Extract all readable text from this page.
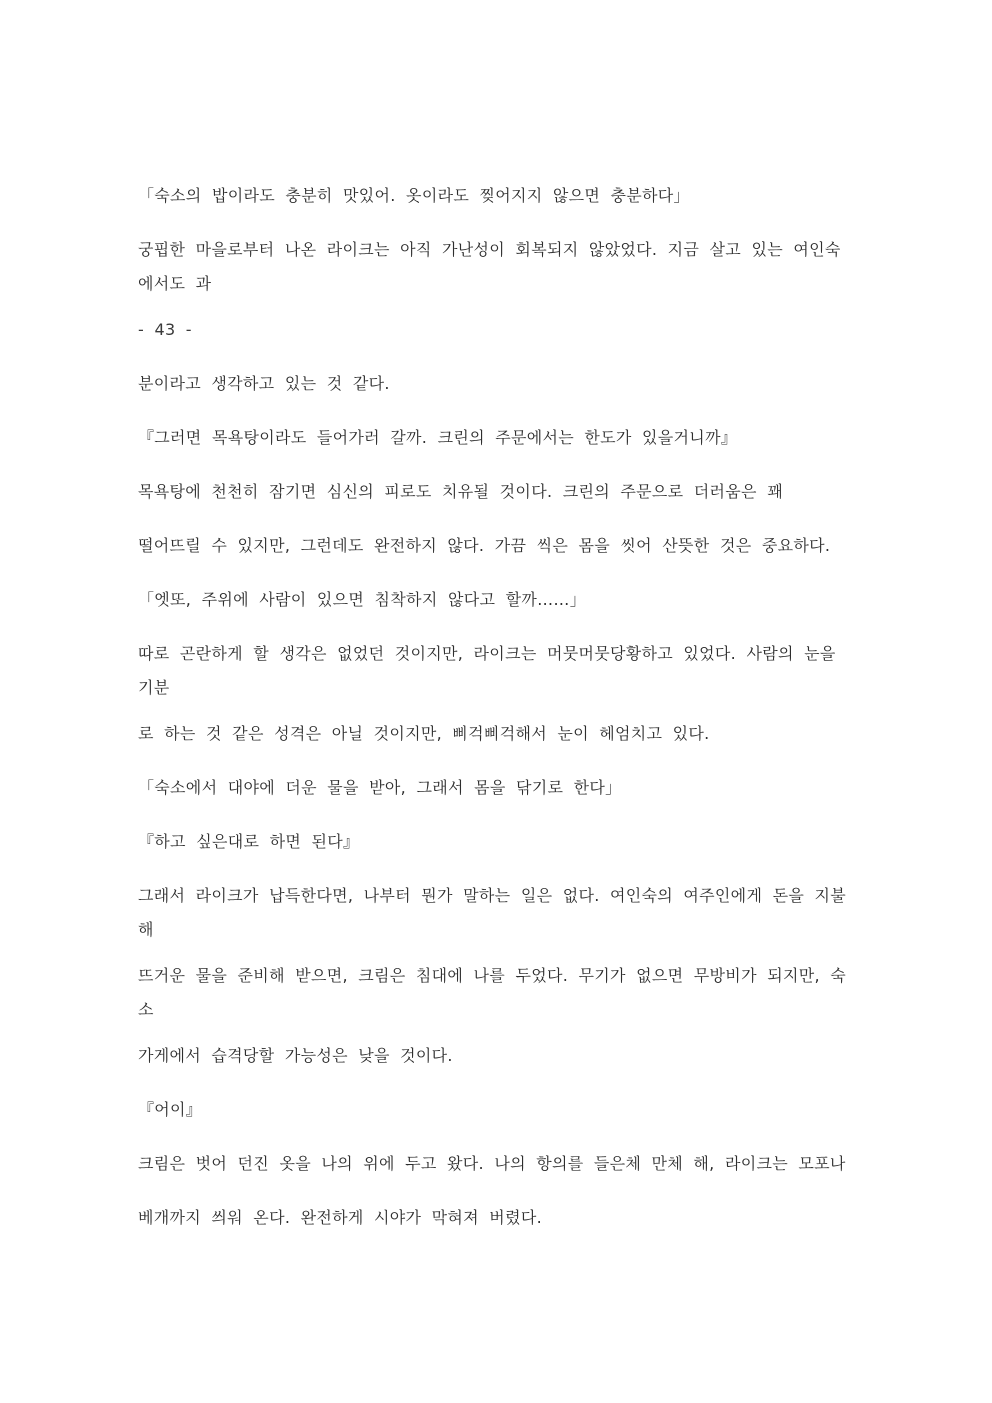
「숙소의 밥이라도 충분히 맛있어. 옷이라도 찢어지지 않으면 충분하다」
궁핍한 마을로부터 나온 라이크는 아직 가난성이 회복되지 않았었다. 지금 살고 있는 여인숙
에서도 과
- 43 -
분이라고 생각하고 있는 것 같다.
『그러면 목욕탕이라도 들어가러 갈까. 크린의 주문에서는 한도가 있을거니까』
목욕탕에 천천히 잠기면 심신의 피로도 치유될 것이다. 크린의 주문으로 더러움은 꽤
떨어뜨릴 수 있지만, 그런데도 완전하지 않다. 가끔 씩은 몸을 씻어 산뜻한 것은 중요하다.
「엣또, 주위에 사람이 있으면 침착하지 않다고 할까……」
따로 곤란하게 할 생각은 없었던 것이지만, 라이크는 머뭇머뭇당황하고 있었다. 사람의 눈을
기분
로 하는 것 같은 성격은 아닐 것이지만, 삐걱삐걱해서 눈이 헤엄치고 있다.
「숙소에서 대야에 더운 물을 받아, 그래서 몸을 닦기로 한다」
『하고 싶은대로 하면 된다』
그래서 라이크가 납득한다면, 나부터 뭔가 말하는 일은 없다. 여인숙의 여주인에게 돈을 지불
해
뜨거운 물을 준비해 받으면, 크림은 침대에 나를 두었다. 무기가 없으면 무방비가 되지만, 숙
소
가게에서 습격당할 가능성은 낮을 것이다.
『어이』
크림은 벗어 던진 옷을 나의 위에 두고 왔다. 나의 항의를 들은체 만체 해, 라이크는 모포나
베개까지 씌워 온다. 완전하게 시야가 막혀져 버렸다.
